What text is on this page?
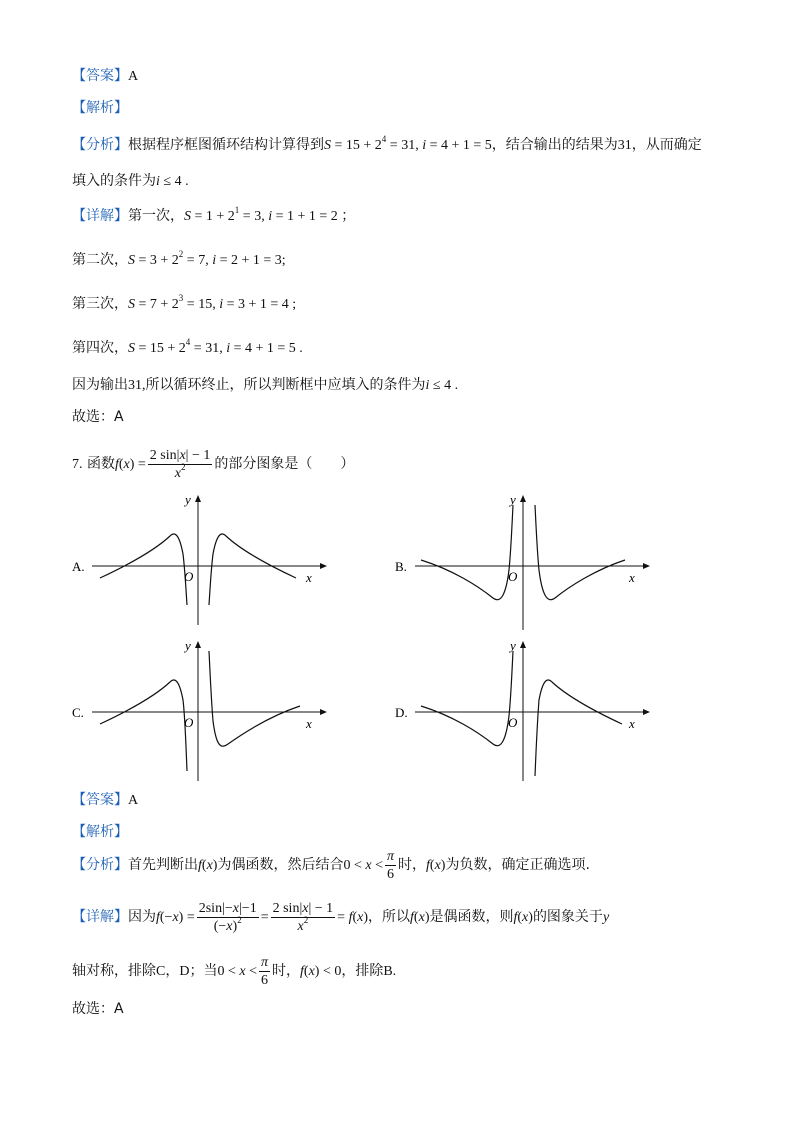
【答案】A
【解析】
【分析】根据程序框图循环结构计算得到$S = 15 + 2^4 = 31$, i = 4 + 1 = 5，结合输出的结果为31，从而确定
填入的条件为i ≤ 4 .
【详解】第一次，$S = 1 + 2^1 = 3$, i = 1 + 1 = 2 ；
第二次，$S = 3 + 2^2 = 7$, i = 2 + 1 = 3;
第三次，$S = 7 + 2^3 = 15$, i = 3 + 1 = 4 ;
第四次，$S = 15 + 2^4 = 31$, i = 4 + 1 = 5 .
因为输出31,所以循环终止，所以判断框中应填入的条件为i ≤ 4 .
故选：A
7. 函数$f(x) = \frac{2 \sin|x| - 1}{x^2}$ 的部分图象是（　　）
A.
y
x
O
B.
y
x
O
C.
y
x
O
D.
y
x
O
【答案】A
【解析】
【分析】首先判断出f(x)为偶函数，然后结合$0 < x < \frac{\pi}{6}$ 时，f(x)为负数，确定正确选项.
【详解】因为$f(-x) = \frac{2\sin|-x|-1}{(-x)^2} = \frac{2 \sin|x| - 1}{x^2} = f(x)$，所以f(x)是偶函数，则f(x)的图象关于y
轴对称，排除C，D；当$0 < x < \frac{\pi}{6}$ 时，f(x) < 0，排除B.
故选：A
